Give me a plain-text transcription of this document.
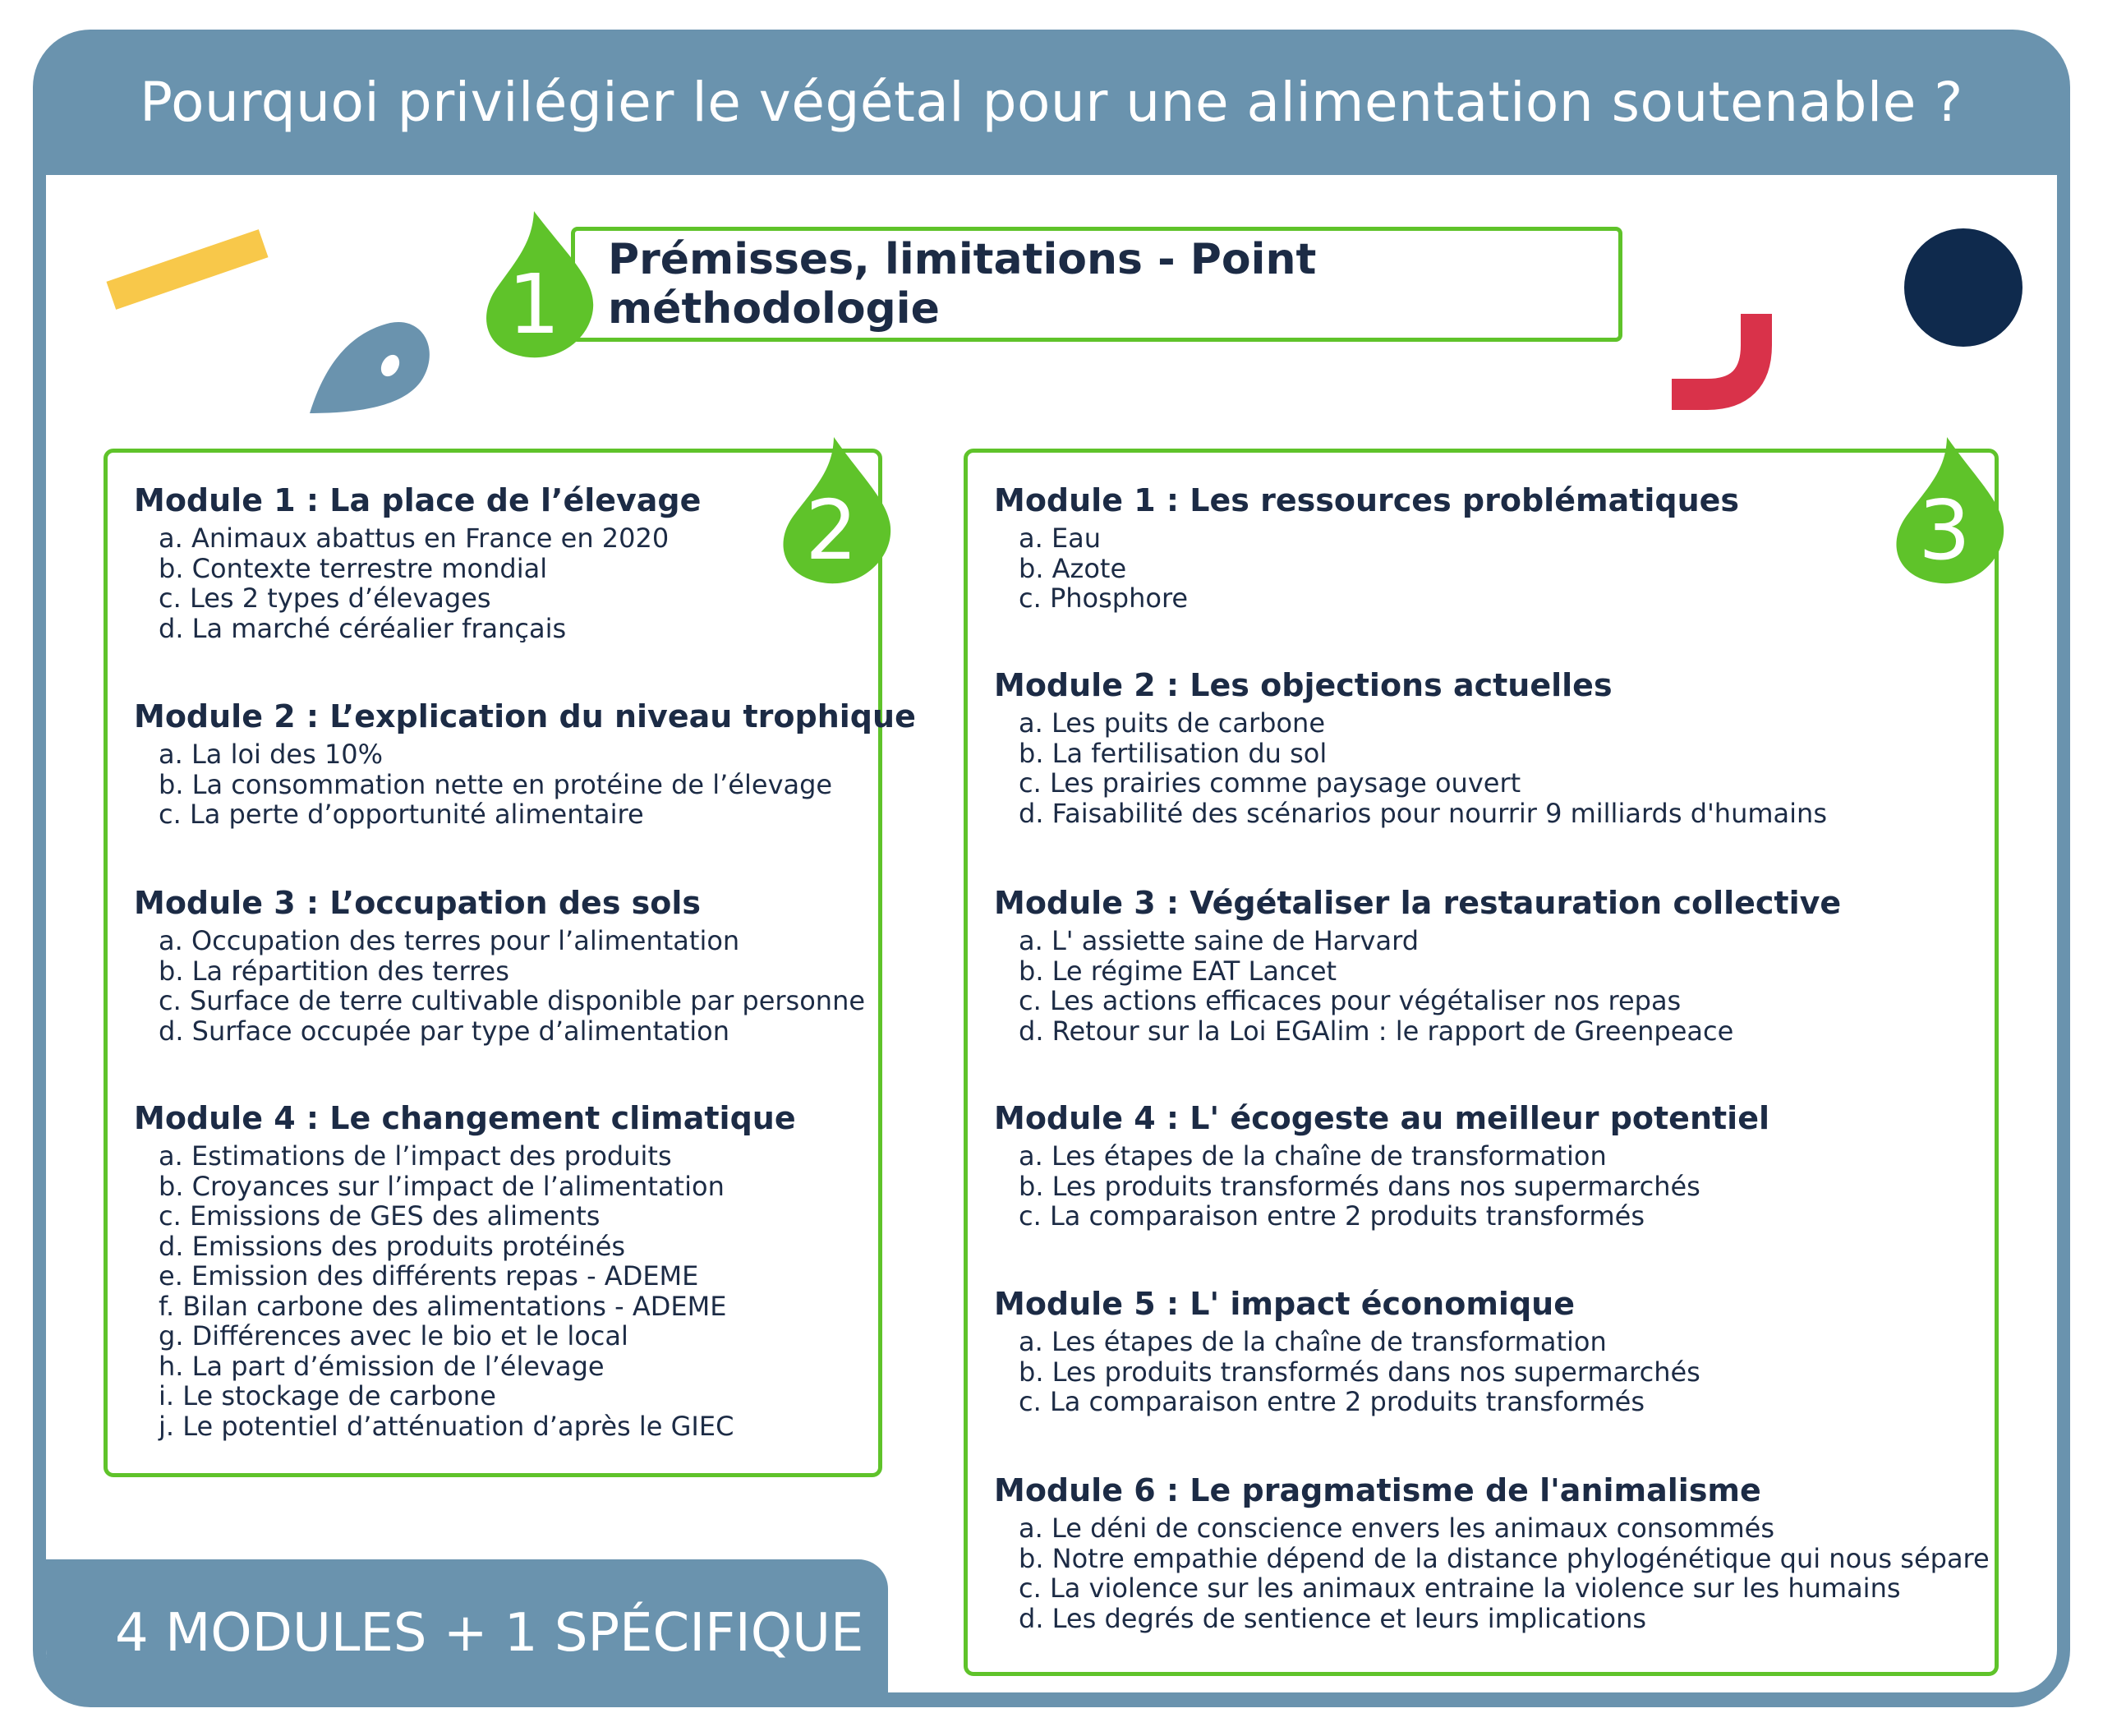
Pourquoi privilégier le végétal pour une alimentation soutenable ?
Prémisses, limitations - Point méthodologie
1
2

Module 1 : La place de l’élevage

a. Animaux abattus en France en 2020
b. Contexte terrestre mondial
c. Les 2 types d’élevages
d. La marché céréalier français

Module 2 : L’explication du niveau trophique

a. La loi des 10%
b. La consommation nette en protéine de l’élevage
c. La perte d’opportunité alimentaire

Module 3 : L’occupation des sols

a. Occupation des terres pour l’alimentation
b. La répartition des terres
c. Surface de terre cultivable disponible par personne
d. Surface occupée par type d’alimentation

Module 4 : Le changement climatique

a. Estimations de l’impact des produits
b. Croyances sur l’impact de l’alimentation
c. Emissions de GES des aliments
d. Emissions des produits protéinés
e. Emission des différents repas - ADEME
f. Bilan carbone des alimentations - ADEME
g. Différences avec le bio et le local
h. La part d’émission de l’élevage
i. Le stockage de carbone
j. Le potentiel d’atténuation d’après le GIEC
3

Module 1 : Les ressources problématiques

a. Eau
b. Azote
c. Phosphore

Module 2 : Les objections actuelles

a. Les puits de carbone
b. La fertilisation du sol
c. Les prairies comme paysage ouvert
d. Faisabilité des scénarios pour nourrir 9 milliards d'humains

Module 3 : Végétaliser la restauration collective

a. L' assiette saine de Harvard
b. Le régime EAT Lancet
c. Les actions efficaces pour végétaliser nos repas
d. Retour sur la Loi EGAlim : le rapport de Greenpeace

Module 4 : L' écogeste au meilleur potentiel

a. Les étapes de la chaîne de transformation
b. Les produits transformés dans nos supermarchés
c. La comparaison entre 2 produits transformés

Module 5 : L' impact économique

a. Les étapes de la chaîne de transformation
b. Les produits transformés dans nos supermarchés
c. La comparaison entre 2 produits transformés

Module 6 : Le pragmatisme de l'animalisme

a. Le déni de conscience envers les animaux consommés
b. Notre empathie dépend de la distance phylogénétique qui nous sépare
c. La violence sur les animaux entraine la violence sur les humains
d. Les degrés de sentience et leurs implications
4 MODULES + 1 SPÉCIFIQUE
